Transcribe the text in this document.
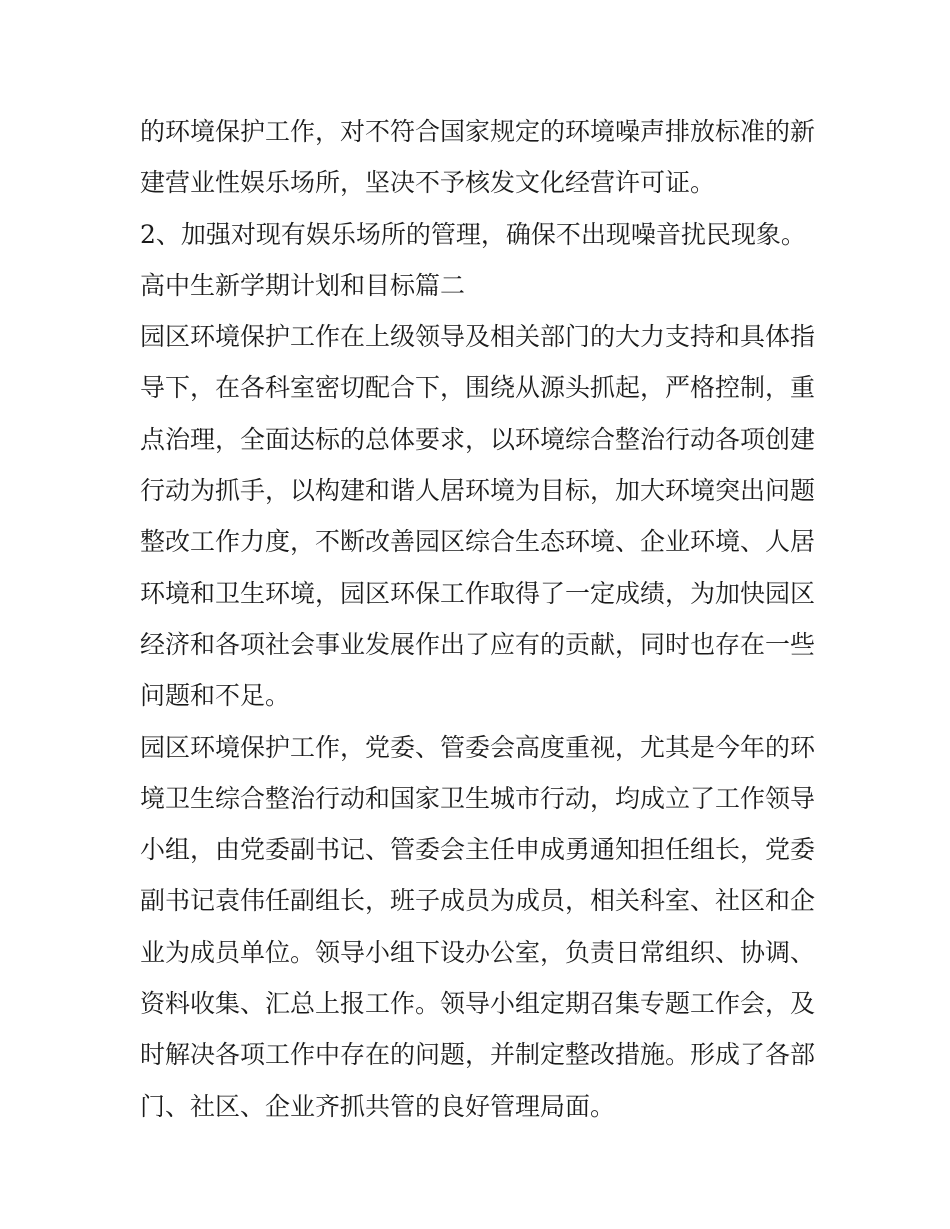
的环境保护工作，对不符合国家规定的环境噪声排放标准的新
建营业性娱乐场所，坚决不予核发文化经营许可证。
2、加强对现有娱乐场所的管理，确保不出现噪音扰民现象。
高中生新学期计划和目标篇二
园区环境保护工作在上级领导及相关部门的大力支持和具体指
导下，在各科室密切配合下，围绕从源头抓起，严格控制，重
点治理，全面达标的总体要求，以环境综合整治行动各项创建
行动为抓手，以构建和谐人居环境为目标，加大环境突出问题
整改工作力度，不断改善园区综合生态环境、企业环境、人居
环境和卫生环境，园区环保工作取得了一定成绩，为加快园区
经济和各项社会事业发展作出了应有的贡献，同时也存在一些
问题和不足。
园区环境保护工作，党委、管委会高度重视，尤其是今年的环
境卫生综合整治行动和国家卫生城市行动，均成立了工作领导
小组，由党委副书记、管委会主任申成勇通知担任组长，党委
副书记袁伟任副组长，班子成员为成员，相关科室、社区和企
业为成员单位。领导小组下设办公室，负责日常组织、协调、
资料收集、汇总上报工作。领导小组定期召集专题工作会，及
时解决各项工作中存在的问题，并制定整改措施。形成了各部
门、社区、企业齐抓共管的良好管理局面。
